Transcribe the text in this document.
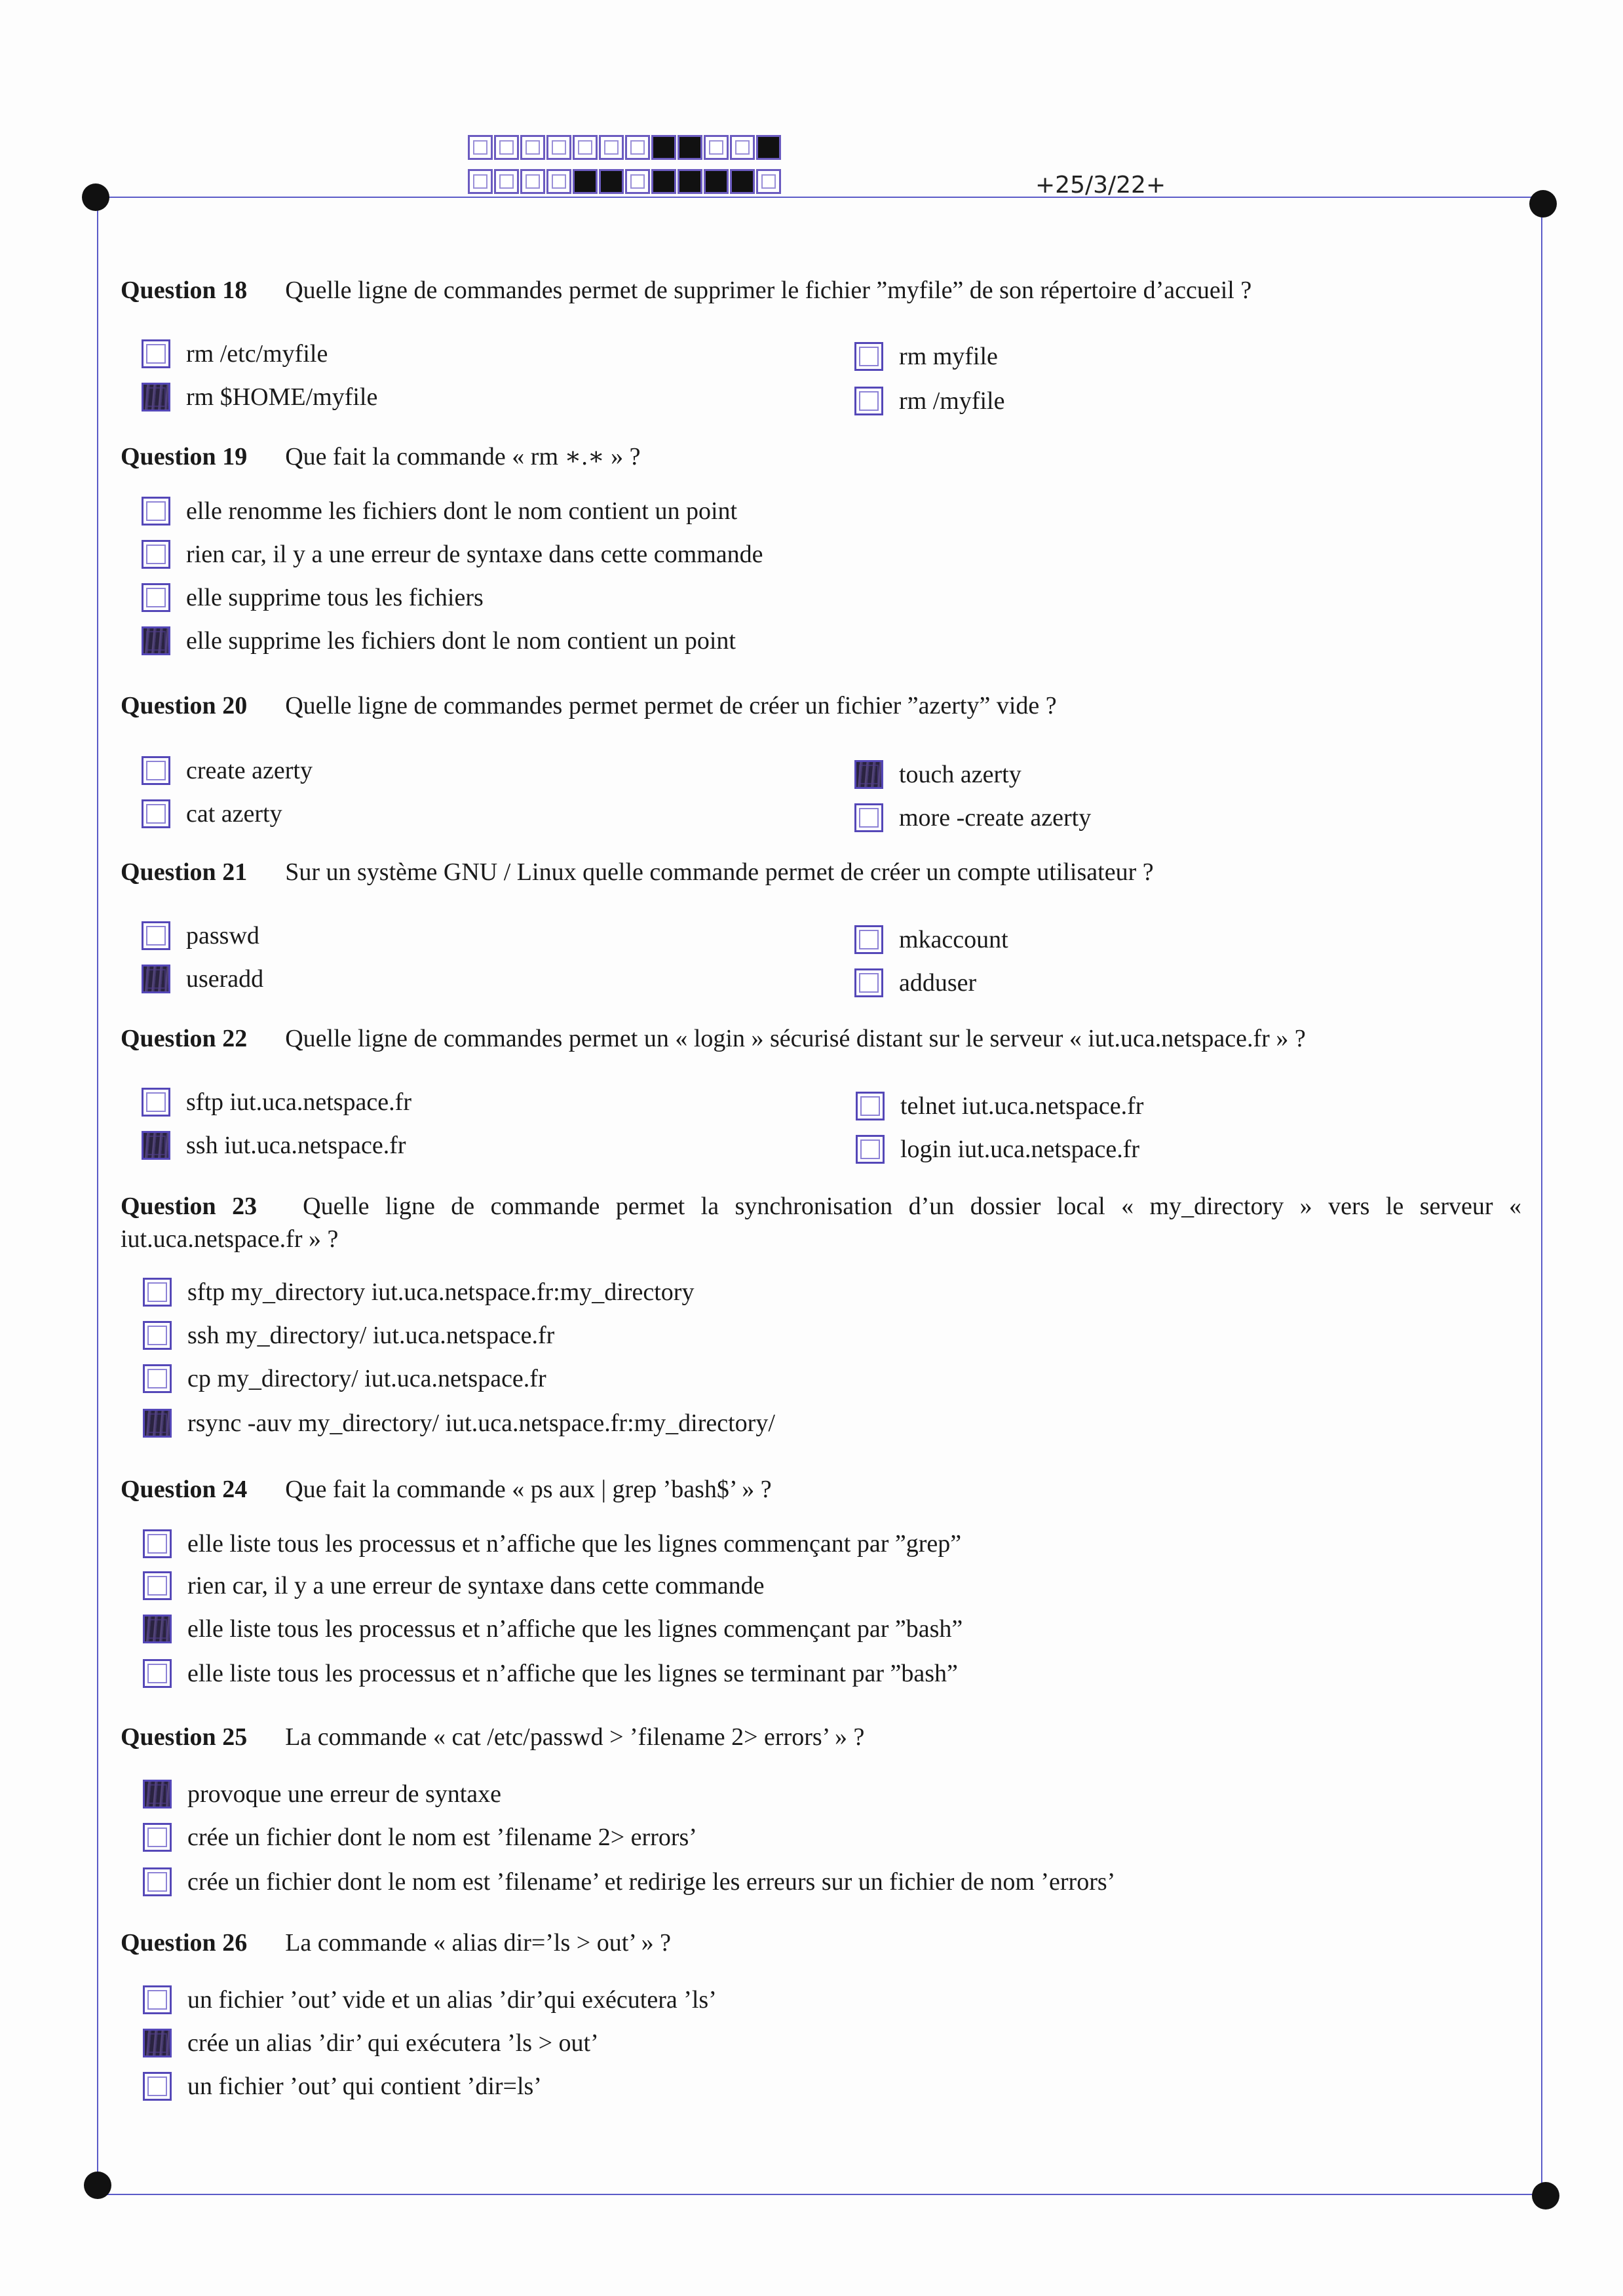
+25/3/22+
Question 18 Quelle ligne de commandes permet de supprimer le fichier ”myfile” de son répertoire d’accueil ?
rm /etc/myfile
rm $HOME/myfile
rm myfile
rm /myfile
Question 19 Que fait la commande « rm ∗.∗ » ?
elle renomme les fichiers dont le nom contient un point
rien car, il y a une erreur de syntaxe dans cette commande
elle supprime tous les fichiers
elle supprime les fichiers dont le nom contient un point
Question 20 Quelle ligne de commandes permet permet de créer un fichier ”azerty” vide ?
create azerty
cat azerty
touch azerty
more -create azerty
Question 21 Sur un système GNU / Linux quelle commande permet de créer un compte utilisateur ?
passwd
useradd
mkaccount
adduser
Question 22 Quelle ligne de commandes permet un « login » sécurisé distant sur le serveur « iut.uca.netspace.fr » ?
sftp iut.uca.netspace.fr
ssh iut.uca.netspace.fr
telnet iut.uca.netspace.fr
login iut.uca.netspace.fr
Question 23 Quelle ligne de commande permet la synchronisation d’un dossier local « my_directory » vers le serveur « iut.uca.netspace.fr » ?
sftp my_directory iut.uca.netspace.fr:my_directory
ssh my_directory/ iut.uca.netspace.fr
cp my_directory/ iut.uca.netspace.fr
rsync -auv my_directory/ iut.uca.netspace.fr:my_directory/
Question 24 Que fait la commande « ps aux | grep ’bash$’ » ?
elle liste tous les processus et n’affiche que les lignes commençant par ”grep”
rien car, il y a une erreur de syntaxe dans cette commande
elle liste tous les processus et n’affiche que les lignes commençant par ”bash”
elle liste tous les processus et n’affiche que les lignes se terminant par ”bash”
Question 25 La commande « cat /etc/passwd > ’filename 2> errors’ » ?
provoque une erreur de syntaxe
crée un fichier dont le nom est ’filename 2> errors’
crée un fichier dont le nom est ’filename’ et redirige les erreurs sur un fichier de nom ’errors’
Question 26 La commande « alias dir=’ls > out’ » ?
un fichier ’out’ vide et un alias ’dir’qui exécutera ’ls’
crée un alias ’dir’ qui exécutera ’ls > out’
un fichier ’out’ qui contient ’dir=ls’
